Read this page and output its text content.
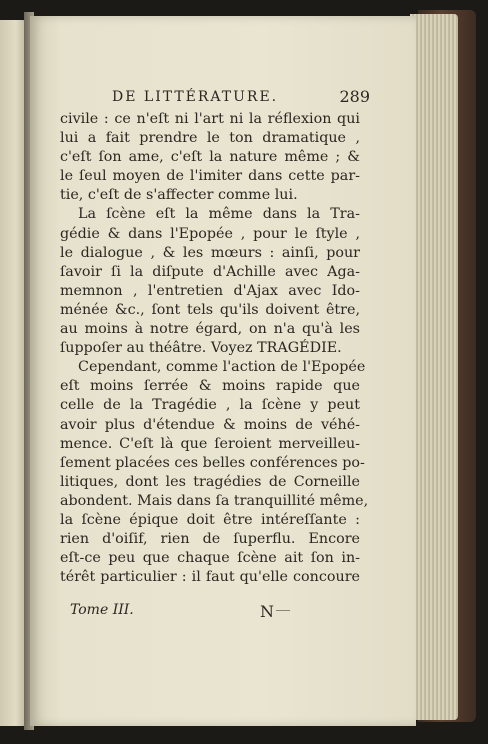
DE LITTÉRATURE.	289
civile : ce n'eſt ni l'art ni la réflexion qui
lui a fait prendre le ton dramatique ,
c'eſt ſon ame, c'eſt la nature même ; &
le ſeul moyen de l'imiter dans cette par-
tie, c'eſt de s'affecter comme lui.
La ſcène eſt la même dans la Tra-
gédie & dans l'Epopée , pour le ſtyle ,
le dialogue , & les mœurs : ainſi, pour
ſavoir ſi la diſpute d'Achille avec Aga-
memnon , l'entretien d'Ajax avec Ido-
ménée &c., ſont tels qu'ils doivent être,
au moins à notre égard, on n'a qu'à les
ſuppoſer au théâtre. Voyez TRAGÉDIE.
Cependant, comme l'action de l'Epopée
eſt moins ſerrée & moins rapide que
celle de la Tragédie , la ſcène y peut
avoir plus d'étendue & moins de véhé-
mence. C'eſt là que ſeroient merveilleu-
ſement placées ces belles conférences po-
litiques, dont les tragédies de Corneille
abondent. Mais dans ſa tranquillité même,
la ſcène épique doit être intéreſſante :
rien d'oiſif, rien de ſuperflu. Encore
eſt-ce peu que chaque ſcène ait ſon in-
térêt particulier : il faut qu'elle concoure
Tome III.	N
